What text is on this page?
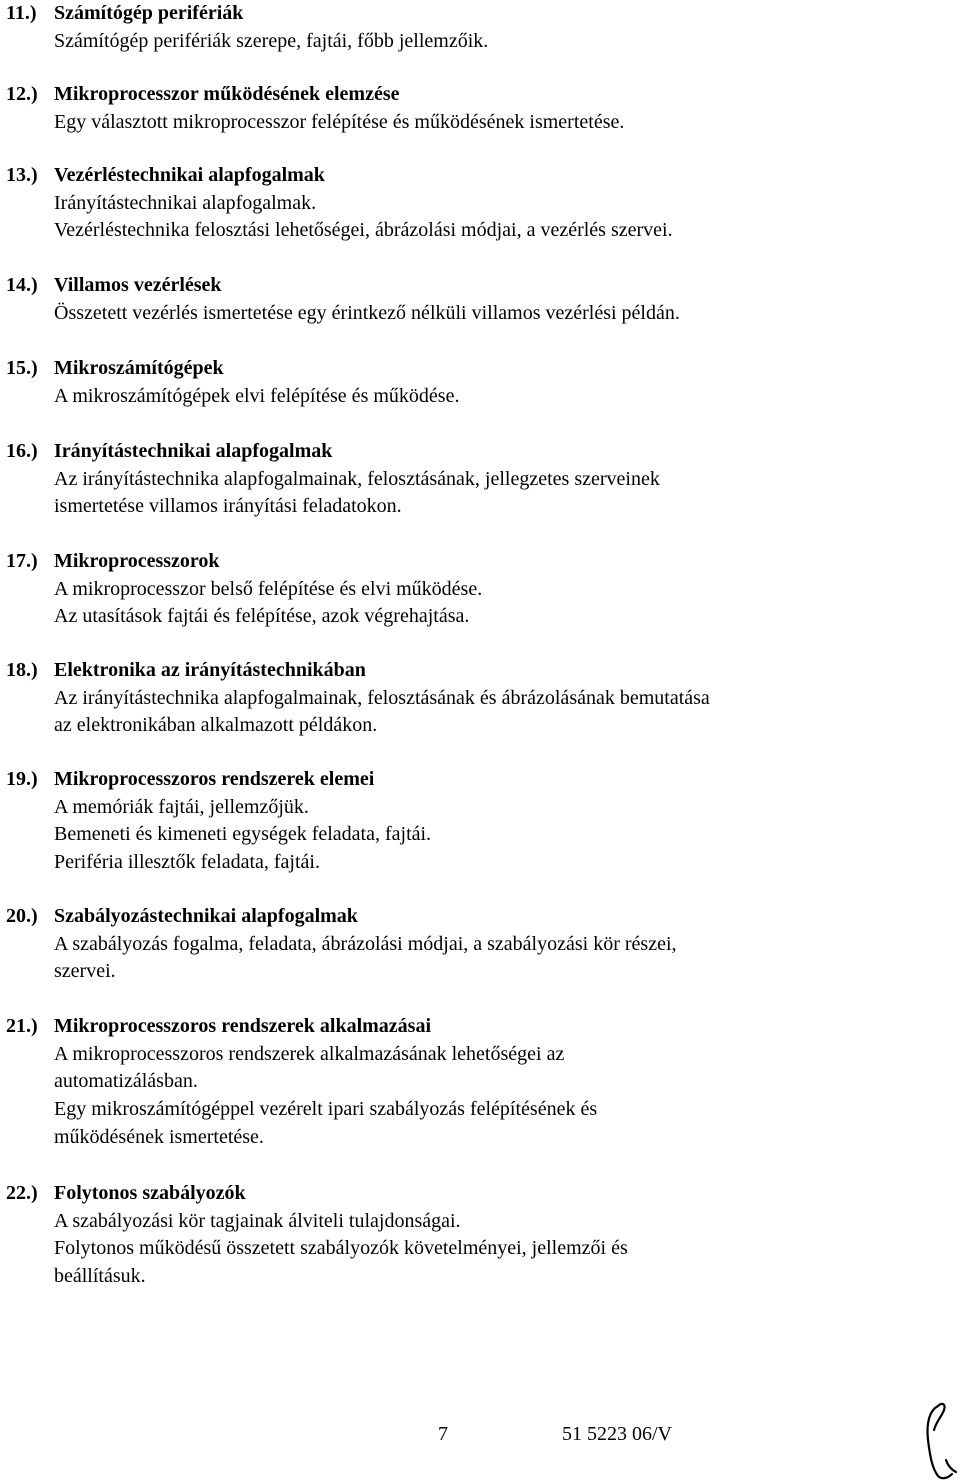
11.) Számítógép perifériák
Számítógép perifériák szerepe, fajtái, főbb jellemzőik.
12.) Mikroprocesszor működésének elemzése
Egy választott mikroprocesszor felépítése és működésének ismertetése.
13.) Vezérléstechnikai alapfogalmak
Irányítástechnikai alapfogalmak.
Vezérléstechnika felosztási lehetőségei, ábrázolási módjai, a vezérlés szervei.
14.) Villamos vezérlések
Összetett vezérlés ismertetése egy érintkező nélküli villamos vezérlési példán.
15.) Mikroszámítógépek
A mikroszámítógépek elvi felépítése és működése.
16.) Irányítástechnikai alapfogalmak
Az irányítástechnika alapfogalmainak, felosztásának, jellegzetes szerveinek
ismertetése villamos irányítási feladatokon.
17.) Mikroprocesszorok
A mikroprocesszor belső felépítése és elvi működése.
Az utasítások fajtái és felépítése, azok végrehajtása.
18.) Elektronika az irányítástechnikában
Az irányítástechnika alapfogalmainak, felosztásának és ábrázolásának bemutatása
az elektronikában alkalmazott példákon.
19.) Mikroprocesszoros rendszerek elemei
A memóriák fajtái, jellemzőjük.
Bemeneti és kimeneti egységek feladata, fajtái.
Periféria illesztők feladata, fajtái.
20.) Szabályozástechnikai alapfogalmak
A szabályozás fogalma, feladata, ábrázolási módjai, a szabályozási kör részei,
szervei.
21.) Mikroprocesszoros rendszerek alkalmazásai
A mikroprocesszoros rendszerek alkalmazásának lehetőségei az
automatizálásban.
Egy mikroszámítógéppel vezérelt ipari szabályozás felépítésének és
működésének ismertetése.
22.) Folytonos szabályozók
A szabályozási kör tagjainak álviteli tulajdonságai.
Folytonos működésű összetett szabályozók követelményei, jellemzői és
beállításuk.
7	51 5223 06/V
